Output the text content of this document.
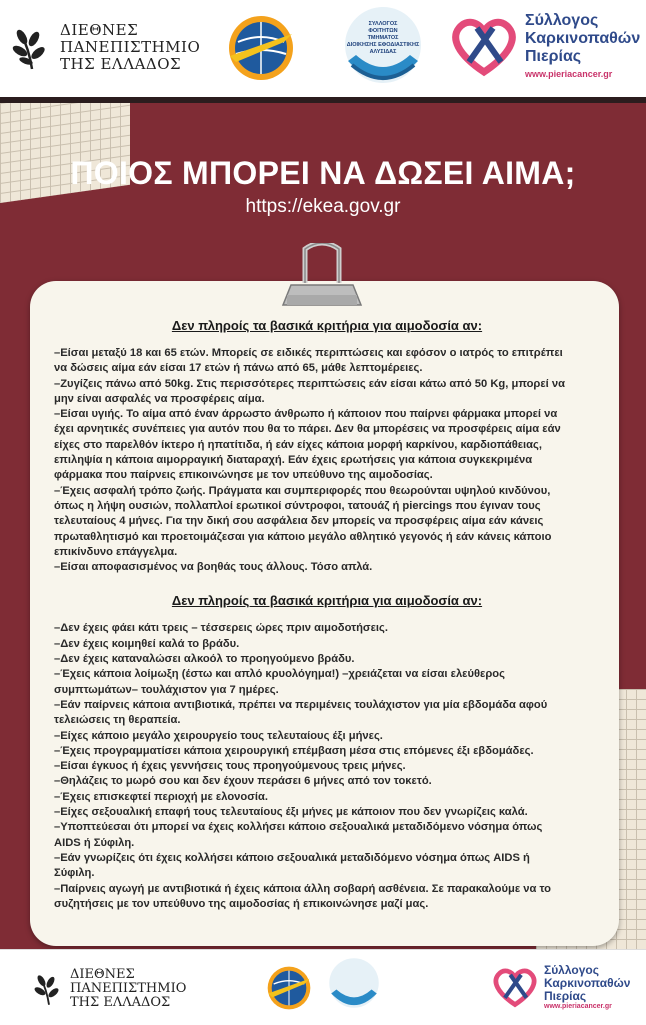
ΔΙΕΘΝΕΣ
ΠΑΝΕΠΙΣΤΗΜΙΟ
ΤΗΣ ΕΛΛΑΔΟΣ
ΣΥΛΛΟΓΟΣ
ΦΟΙΤΗΤΩΝ
ΤΜΗΜΑΤΟΣ
ΔΙΟΙΚΗΣΗΣ ΕΦΟΔΙΑΣΤΙΚΗΣ
ΑΛΥΣΙΔΑΣ
Σύλλογος
Καρκινοπαθών
Πιερίας
www.pieriacancer.gr
ΠΟΙΟΣ ΜΠΟΡΕΙ ΝΑ ΔΩΣΕΙ ΑΙΜΑ;
https://ekea.gov.gr
Δεν πληροίς τα βασικά κριτήρια για αιμοδοσία αν:
–Είσαι μεταξύ 18 και 65 ετών. Μπορείς σε ειδικές περιπτώσεις και εφόσον ο ιατρός το επιτρέπει
να δώσεις αίμα εάν είσαι 17 ετών ή πάνω από 65, μάθε λεπτομέρειες.
–Ζυγίζεις πάνω από 50kg. Στις περισσότερες περιπτώσεις εάν είσαι κάτω από 50 Kg, μπορεί να
μην είναι ασφαλές να προσφέρεις αίμα.
–Είσαι υγιής. Το αίμα από έναν άρρωστο άνθρωπο ή κάποιον που παίρνει φάρμακα μπορεί να
έχει αρνητικές συνέπειες για αυτόν που θα το πάρει. Δεν θα μπορέσεις να προσφέρεις αίμα εάν
είχες στο παρελθόν ίκτερο ή ηπατίτιδα, ή εάν είχες κάποια μορφή καρκίνου, καρδιοπάθειας,
επιληψία η κάποια αιμορραγική διαταραχή. Εάν έχεις ερωτήσεις για κάποια συγκεκριμένα
φάρμακα που παίρνεις επικοινώνησε με τον υπεύθυνο της αιμοδοσίας.
–Έχεις ασφαλή τρόπο ζωής. Πράγματα και συμπεριφορές που θεωρούνται υψηλού κινδύνου,
όπως η λήψη ουσιών, πολλαπλοί ερωτικοί σύντροφοι, τατουάζ ή piercings που έγιναν τους
τελευταίους 4 μήνες. Για την δική σου ασφάλεια δεν μπορείς να προσφέρεις αίμα εάν κάνεις
πρωταθλητισμό και προετοιμάζεσαι για κάποιο μεγάλο αθλητικό γεγονός ή εάν κάνεις κάποιο
επικίνδυνο επάγγελμα.
–Είσαι αποφασισμένος να βοηθάς τους άλλους. Τόσο απλά.
Δεν πληροίς τα βασικά κριτήρια για αιμοδοσία αν:
–Δεν έχεις φάει κάτι τρεις – τέσσερεις ώρες πριν αιμοδοτήσεις.
–Δεν έχεις κοιμηθεί καλά το βράδυ.
–Δεν έχεις καταναλώσει αλκοόλ το προηγούμενο βράδυ.
–Έχεις κάποια λοίμωξη (έστω και απλό κρυολόγημα!) –χρειάζεται να είσαι ελεύθερος
συμπτωμάτων– τουλάχιστον για 7 ημέρες.
–Εάν παίρνεις κάποια αντιβιοτικά, πρέπει να περιμένεις τουλάχιστον για μία εβδομάδα αφού
τελειώσεις τη θεραπεία.
–Είχες κάποιο μεγάλο χειρουργείο τους τελευταίους έξι μήνες.
–Έχεις προγραμματίσει κάποια χειρουργική επέμβαση μέσα στις επόμενες έξι εβδομάδες.
–Είσαι έγκυος ή έχεις γεννήσεις τους προηγούμενους τρεις μήνες.
–Θηλάζεις το μωρό σου και δεν έχουν περάσει 6 μήνες από τον τοκετό.
–Έχεις επισκεφτεί περιοχή με ελονοσία.
–Είχες σεξουαλική επαφή τους τελευταίους έξι μήνες με κάποιον που δεν γνωρίζεις καλά.
–Υποπτεύεσαι ότι μπορεί να έχεις κολλήσει κάποιο σεξουαλικά μεταδιδόμενο νόσημα όπως
AIDS ή Σύφιλη.
–Εάν γνωρίζεις ότι έχεις κολλήσει κάποιο σεξουαλικά μεταδιδόμενο νόσημα όπως AIDS ή
Σύφιλη.
–Παίρνεις αγωγή με αντιβιοτικά ή έχεις κάποια άλλη σοβαρή ασθένεια. Σε παρακαλούμε να το
συζητήσεις με τον υπεύθυνο της αιμοδοσίας ή επικοινώνησε μαζί μας.
ΔΙΕΘΝΕΣ
ΠΑΝΕΠΙΣΤΗΜΙΟ
ΤΗΣ ΕΛΛΑΔΟΣ
Σύλλογος
Καρκινοπαθών
Πιερίας
www.pieriacancer.gr
